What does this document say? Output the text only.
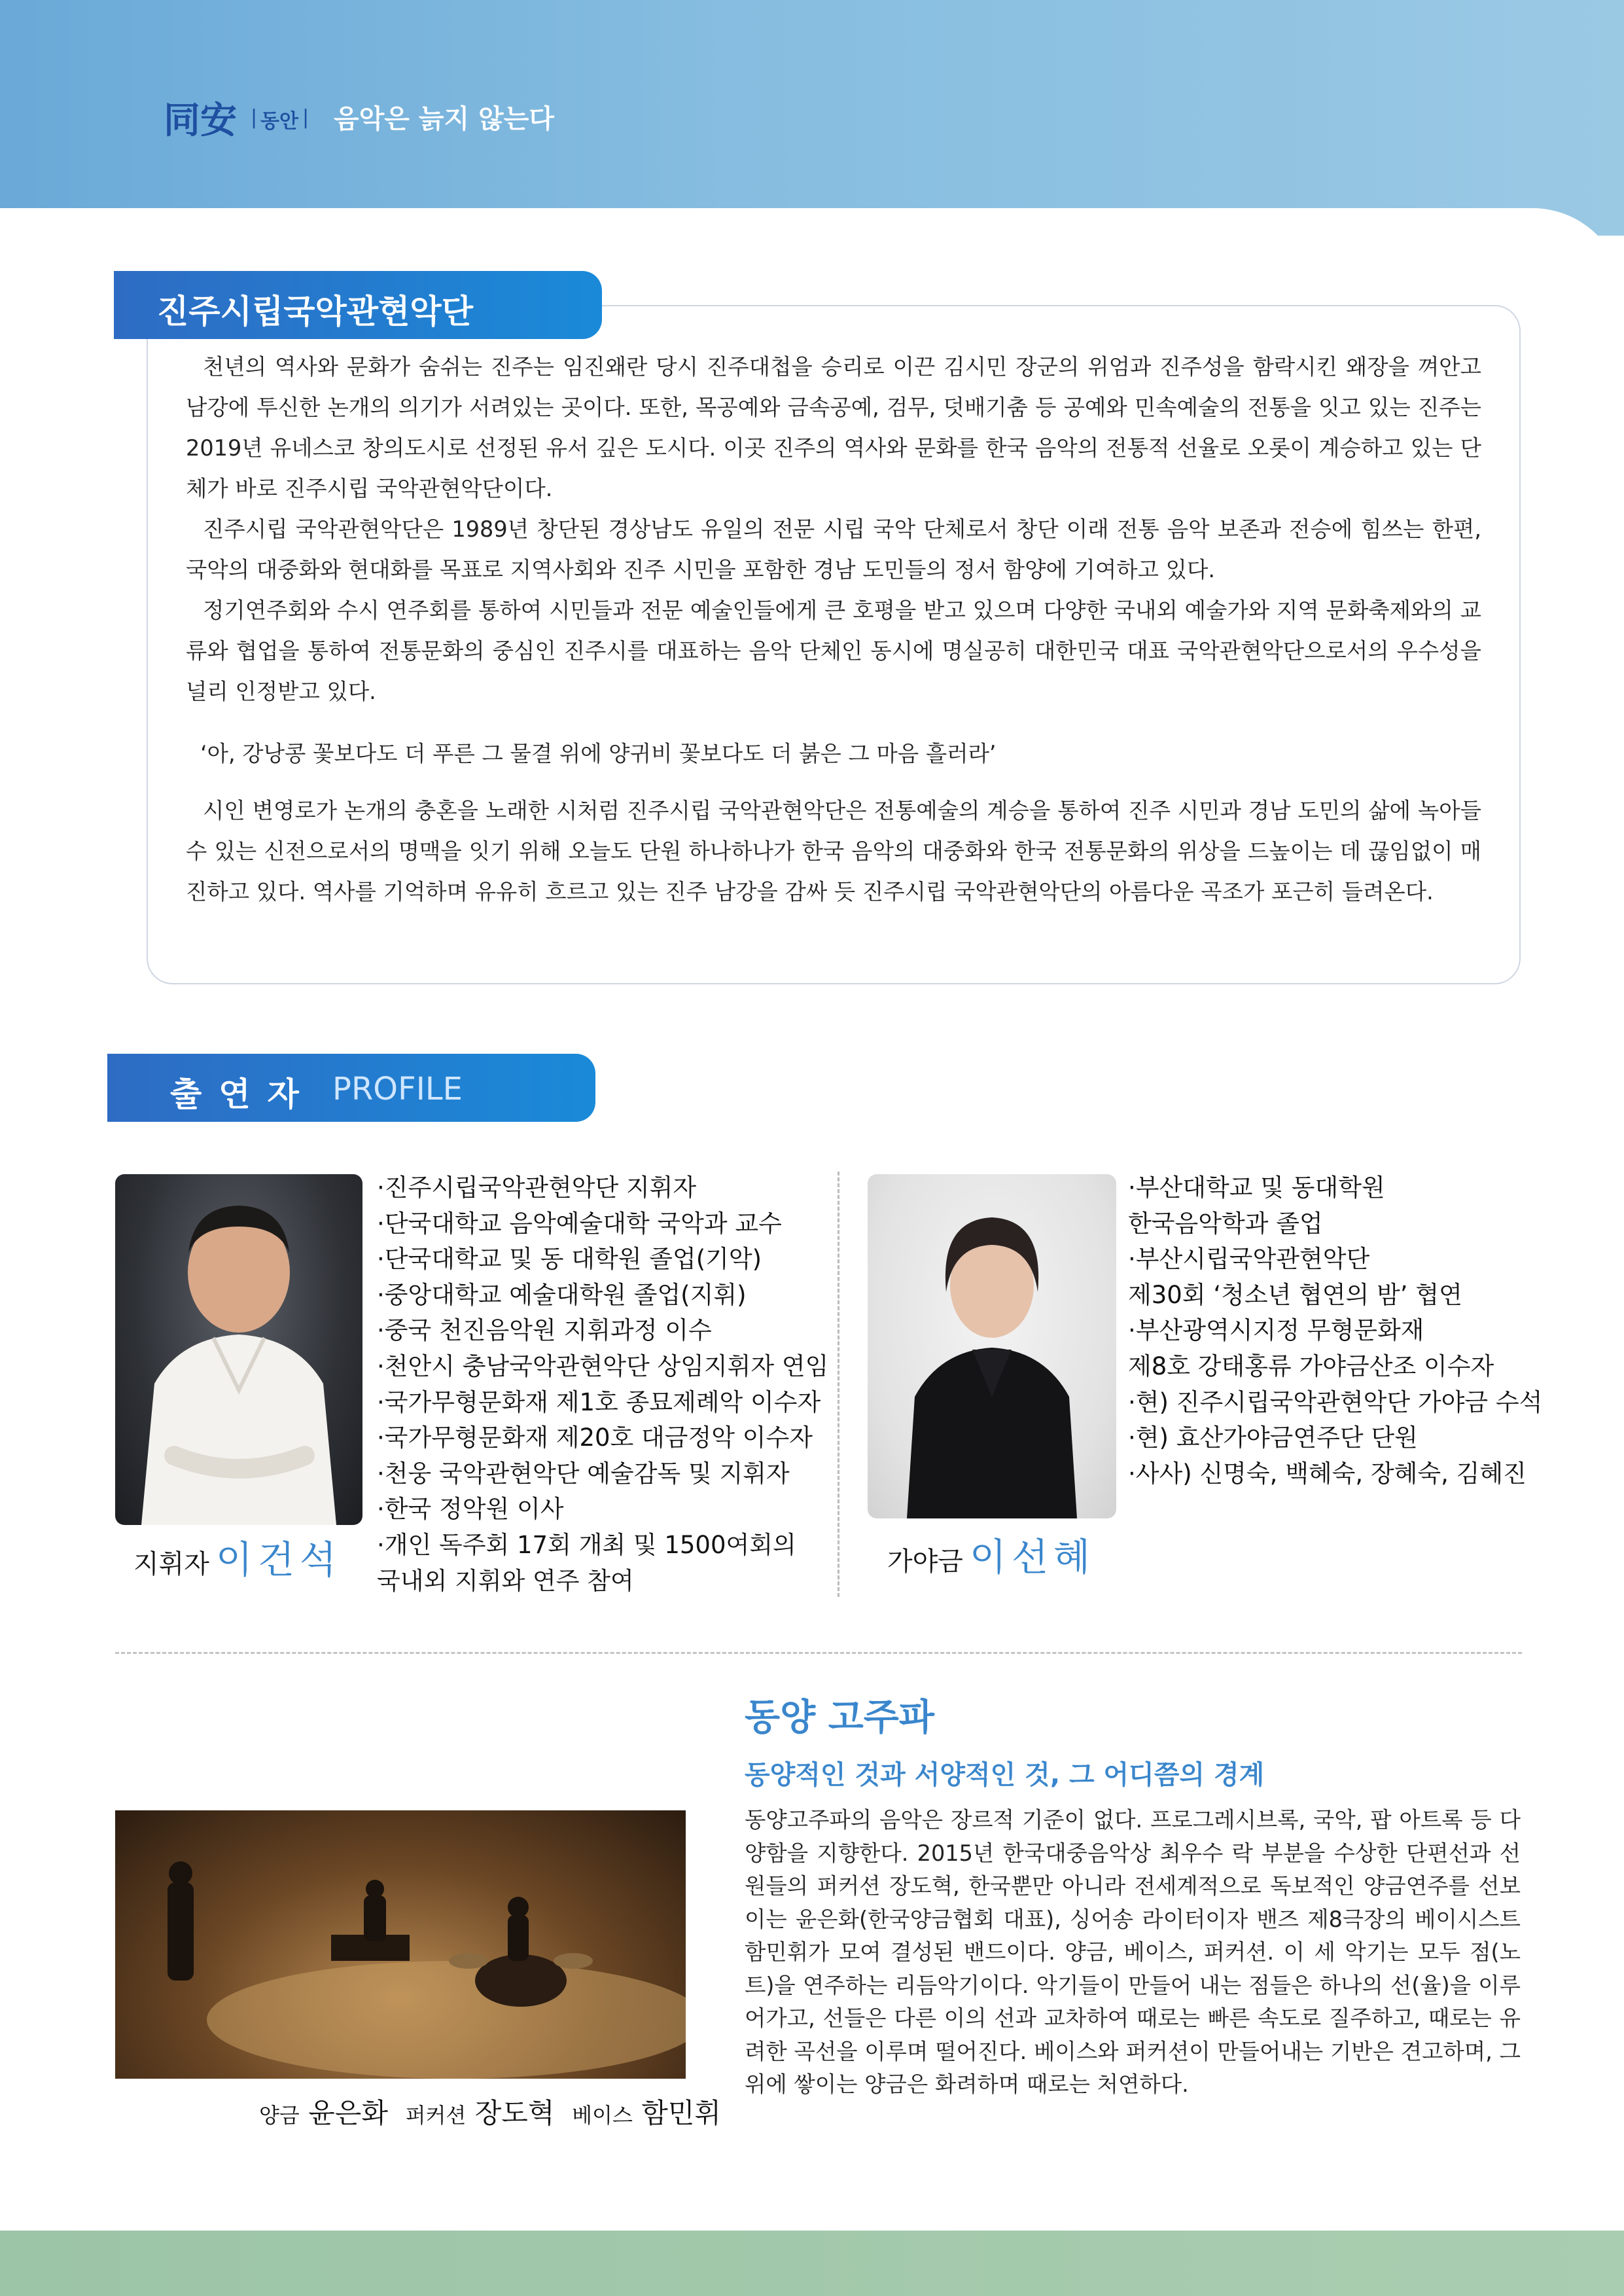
同安 | 동안 | 음악은 늙지 않는다
진주시립국악관현악단

천년의 역사와 문화가 숨쉬는 진주는 임진왜란 당시 진주대첩을 승리로 이끈 김시민 장군의 위엄과 진주성을 함락시킨 왜장을 껴안고 남강에 투신한 논개의 의기가 서려있는 곳이다. 또한, 목공예와 금속공예, 검무, 덧배기춤 등 공예와 민속예술의 전통을 잇고 있는 진주는 2019년 유네스코 창의도시로 선정된 유서 깊은 도시다. 이곳 진주의 역사와 문화를 한국 음악의 전통적 선율로 오롯이 계승하고 있는 단체가 바로 진주시립 국악관현악단이다.

진주시립 국악관현악단은 1989년 창단된 경상남도 유일의 전문 시립 국악 단체로서 창단 이래 전통 음악 보존과 전승에 힘쓰는 한편, 국악의 대중화와 현대화를 목표로 지역사회와 진주 시민을 포함한 경남 도민들의 정서 함양에 기여하고 있다.

정기연주회와 수시 연주회를 통하여 시민들과 전문 예술인들에게 큰 호평을 받고 있으며 다양한 국내외 예술가와 지역 문화축제와의 교류와 협업을 통하여 전통문화의 중심인 진주시를 대표하는 음악 단체인 동시에 명실공히 대한민국 대표 국악관현악단으로서의 우수성을 널리 인정받고 있다.

‘아, 강낭콩 꽃보다도 더 푸른 그 물결 위에 양귀비 꽃보다도 더 붉은 그 마음 흘러라’

시인 변영로가 논개의 충혼을 노래한 시처럼 진주시립 국악관현악단은 전통예술의 계승을 통하여 진주 시민과 경남 도민의 삶에 녹아들 수 있는 신전으로서의 명맥을 잇기 위해 오늘도 단원 하나하나가 한국 음악의 대중화와 한국 전통문화의 위상을 드높이는 데 끊임없이 매진하고 있다. 역사를 기억하며 유유히 흐르고 있는 진주 남강을 감싸 듯 진주시립 국악관현악단의 아름다운 곡조가 포근히 들려온다.

출연자 PROFILE
지휘자 이건석
·진주시립국악관현악단 지휘자
·단국대학교 음악예술대학 국악과 교수
·단국대학교 및 동 대학원 졸업(기악)
·중앙대학교 예술대학원 졸업(지휘)
·중국 천진음악원 지휘과정 이수
·천안시 충남국악관현악단 상임지휘자 연임
·국가무형문화재 제1호 종묘제례악 이수자
·국가무형문화재 제20호 대금정악 이수자
·천웅 국악관현악단 예술감독 및 지휘자
·한국 정악원 이사
·개인 독주회 17회 개최 및 1500여회의
국내외 지휘와 연주 참여
가야금 이선혜
·부산대학교 및 동대학원
한국음악학과 졸업
·부산시립국악관현악단
제30회 ‘청소년 협연의 밤’ 협연
·부산광역시지정 무형문화재
제8호 강태홍류 가야금산조 이수자
·현) 진주시립국악관현악단 가야금 수석
·현) 효산가야금연주단 단원
·사사) 신명숙, 백혜숙, 장혜숙, 김혜진
양금 윤은화 퍼커션 장도혁 베이스 함민휘
동양 고주파
동양적인 것과 서양적인 것, 그 어디쯤의 경계

동양고주파의 음악은 장르적 기준이 없다. 프로그레시브록, 국악, 팝 아트록 등 다양함을 지향한다. 2015년 한국대중음악상 최우수 락 부분을 수상한 단편선과 선원들의 퍼커션 장도혁, 한국뿐만 아니라 전세계적으로 독보적인 양금연주를 선보이는 윤은화(한국양금협회 대표), 싱어송 라이터이자 밴즈 제8극장의 베이시스트 함민휘가 모여 결성된 밴드이다. 양금, 베이스, 퍼커션. 이 세 악기는 모두 점(노트)을 연주하는 리듬악기이다. 악기들이 만들어 내는 점들은 하나의 선(율)을 이루어가고, 선들은 다른 이의 선과 교차하여 때로는 빠른 속도로 질주하고, 때로는 유려한 곡선을 이루며 떨어진다. 베이스와 퍼커션이 만들어내는 기반은 견고하며, 그 위에 쌓이는 양금은 화려하며 때로는 처연하다.
